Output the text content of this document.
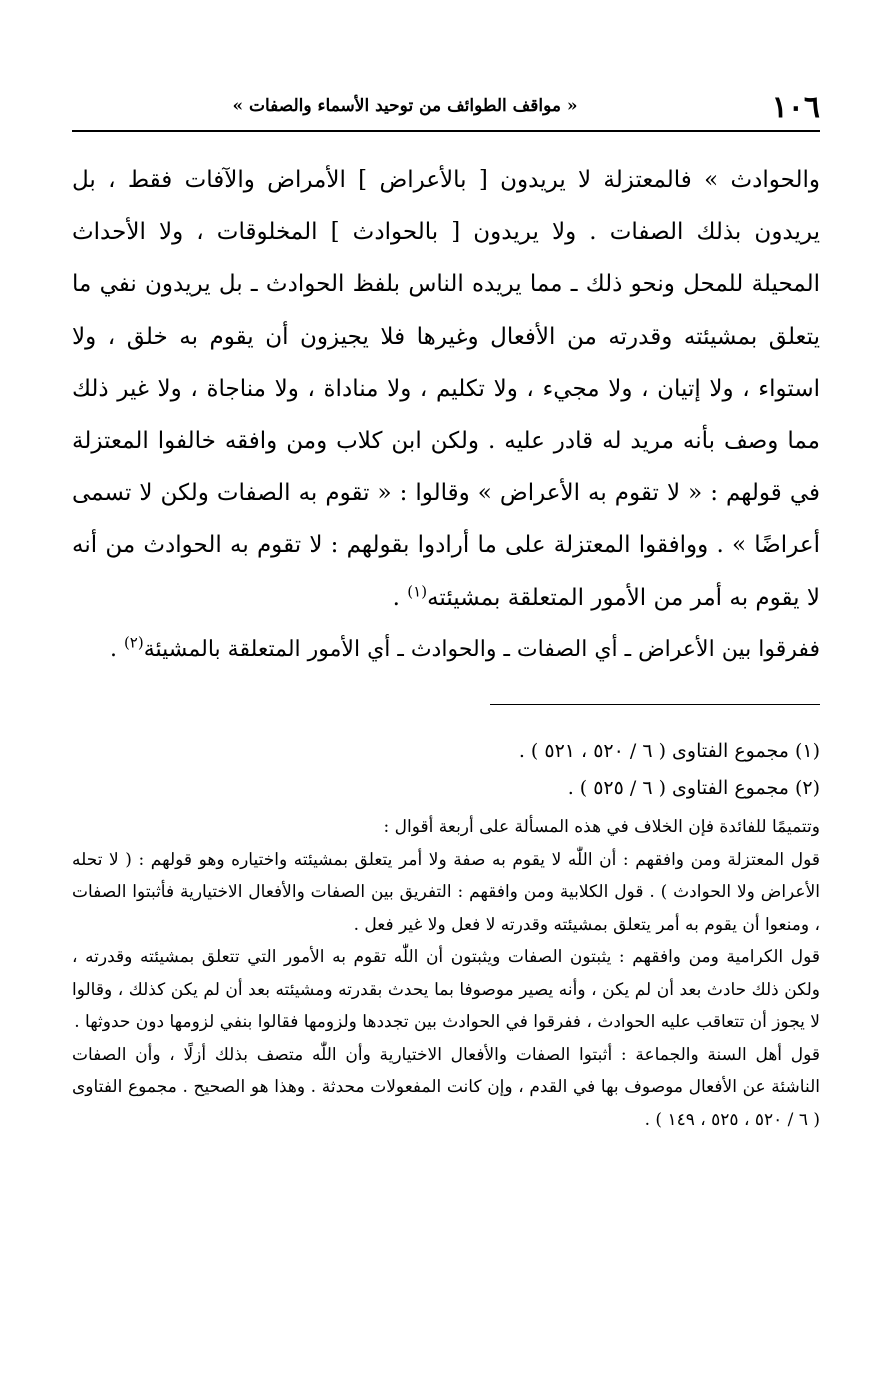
١٠٦
« مواقف الطوائف من توحيد الأسماء والصفات »

والحوادث » فالمعتزلة لا يريدون [ بالأعراض ] الأمراض والآفات فقط ، بل يريدون بذلك الصفات . ولا يريدون [ بالحوادث ] المخلوقات ، ولا الأحداث المحيلة للمحل ونحو ذلك ـ مما يريده الناس بلفظ الحوادث ـ بل يريدون نفي ما يتعلق بمشيئته وقدرته من الأفعال وغيرها فلا يجيزون أن يقوم به خلق ، ولا استواء ، ولا إتيان ، ولا مجيء ، ولا تكليم ، ولا مناداة ، ولا مناجاة ، ولا غير ذلك مما وصف بأنه مريد له قادر عليه . ولكن ابن كلاب ومن وافقه خالفوا المعتزلة في قولهم : « لا تقوم به الأعراض » وقالوا : « تقوم به الصفات ولكن لا تسمى أعراضًا » . ووافقوا المعتزلة على ما أرادوا بقولهم : لا تقوم به الحوادث من أنه لا يقوم به أمر من الأمور المتعلقة بمشيئته$^{(١)}$ .

ففرقوا بين الأعراض ـ أي الصفات ـ والحوادث ـ أي الأمور المتعلقة بالمشيئة$^{(٢)}$ .

(١) مجموع الفتاوى ( ٦ / ٥٢٠ ، ٥٢١ ) .

(٢) مجموع الفتاوى ( ٦ / ٥٢٥ ) .

وتتميمًا للفائدة فإن الخلاف في هذه المسألة على أربعة أقوال :

قول المعتزلة ومن وافقهم : أن اللّٰه لا يقوم به صفة ولا أمر يتعلق بمشيئته واختياره وهو قولهم : ( لا تحله الأعراض ولا الحوادث ) . قول الكلابية ومن وافقهم : التفريق بين الصفات والأفعال الاختيارية فأثبتوا الصفات ، ومنعوا أن يقوم به أمر يتعلق بمشيئته وقدرته لا فعل ولا غير فعل .

قول الكرامية ومن وافقهم : يثبتون الصفات ويثبتون أن اللّٰه تقوم به الأمور التي تتعلق بمشيئته وقدرته ، ولكن ذلك حادث بعد أن لم يكن ، وأنه يصير موصوفا بما يحدث بقدرته ومشيئته بعد أن لم يكن كذلك ، وقالوا لا يجوز أن تتعاقب عليه الحوادث ، ففرقوا في الحوادث بين تجددها ولزومها فقالوا بنفي لزومها دون حدوثها .

قول أهل السنة والجماعة : أثبتوا الصفات والأفعال الاختيارية وأن اللّٰه متصف بذلك أزلًا ، وأن الصفات الناشئة عن الأفعال موصوف بها في القدم ، وإن كانت المفعولات محدثة . وهذا هو الصحيح . مجموع الفتاوى ( ٦ / ٥٢٠ ، ٥٢٥ ، ١٤٩ ) .
